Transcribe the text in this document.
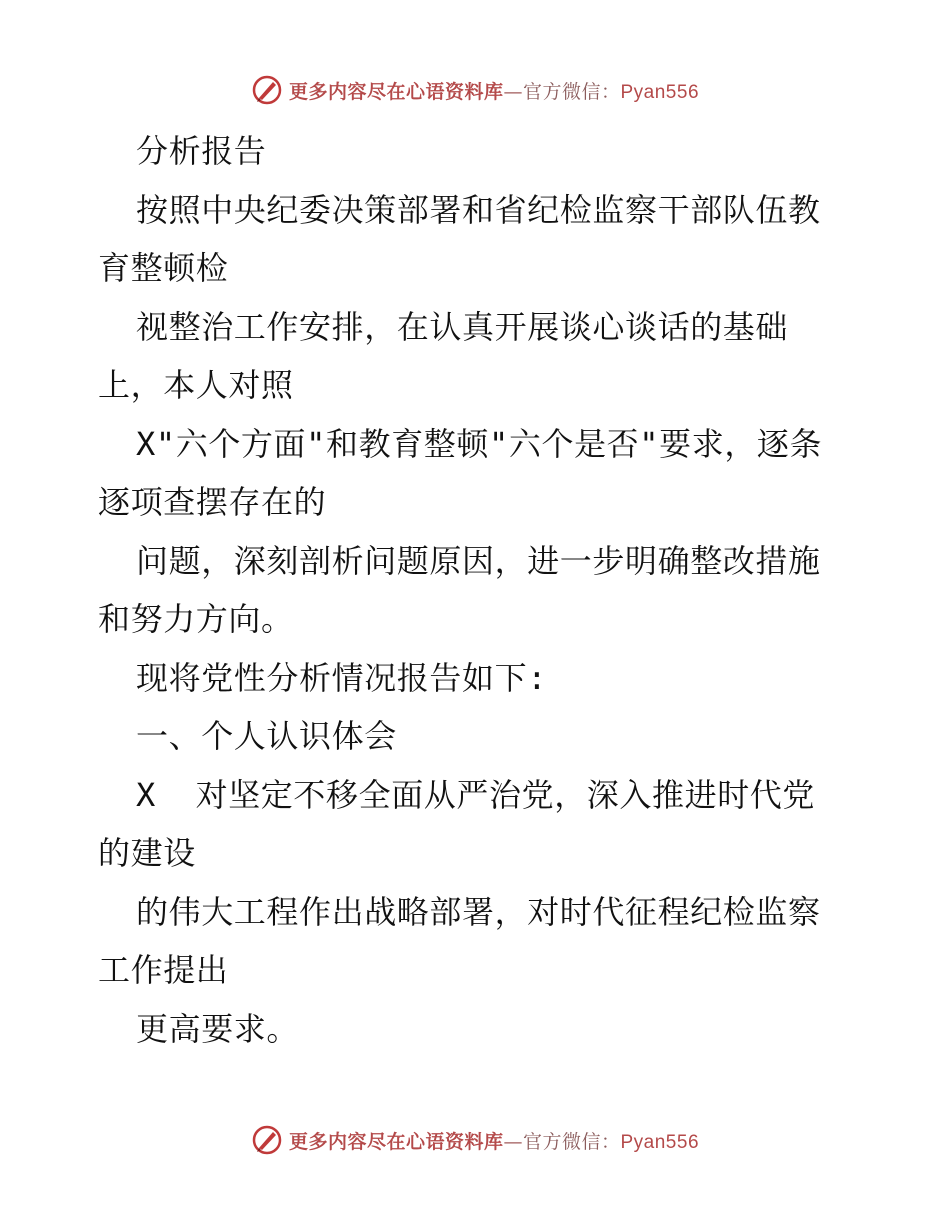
更多内容尽在心语资料库—官方微信：Pyan556
分析报告
按照中央纪委决策部署和省纪检监察干部队伍教
育整顿检
视整治工作安排，在认真开展谈心谈话的基础
上，本人对照
X"六个方面"和教育整顿"六个是否"要求，逐条
逐项查摆存在的
问题，深刻剖析问题原因，进一步明确整改措施
和努力方向。
现将党性分析情况报告如下:
一、个人认识体会
X  对坚定不移全面从严治党，深入推进时代党
的建设
的伟大工程作出战略部署，对时代征程纪检监察
工作提出
更高要求。
更多内容尽在心语资料库—官方微信：Pyan556
